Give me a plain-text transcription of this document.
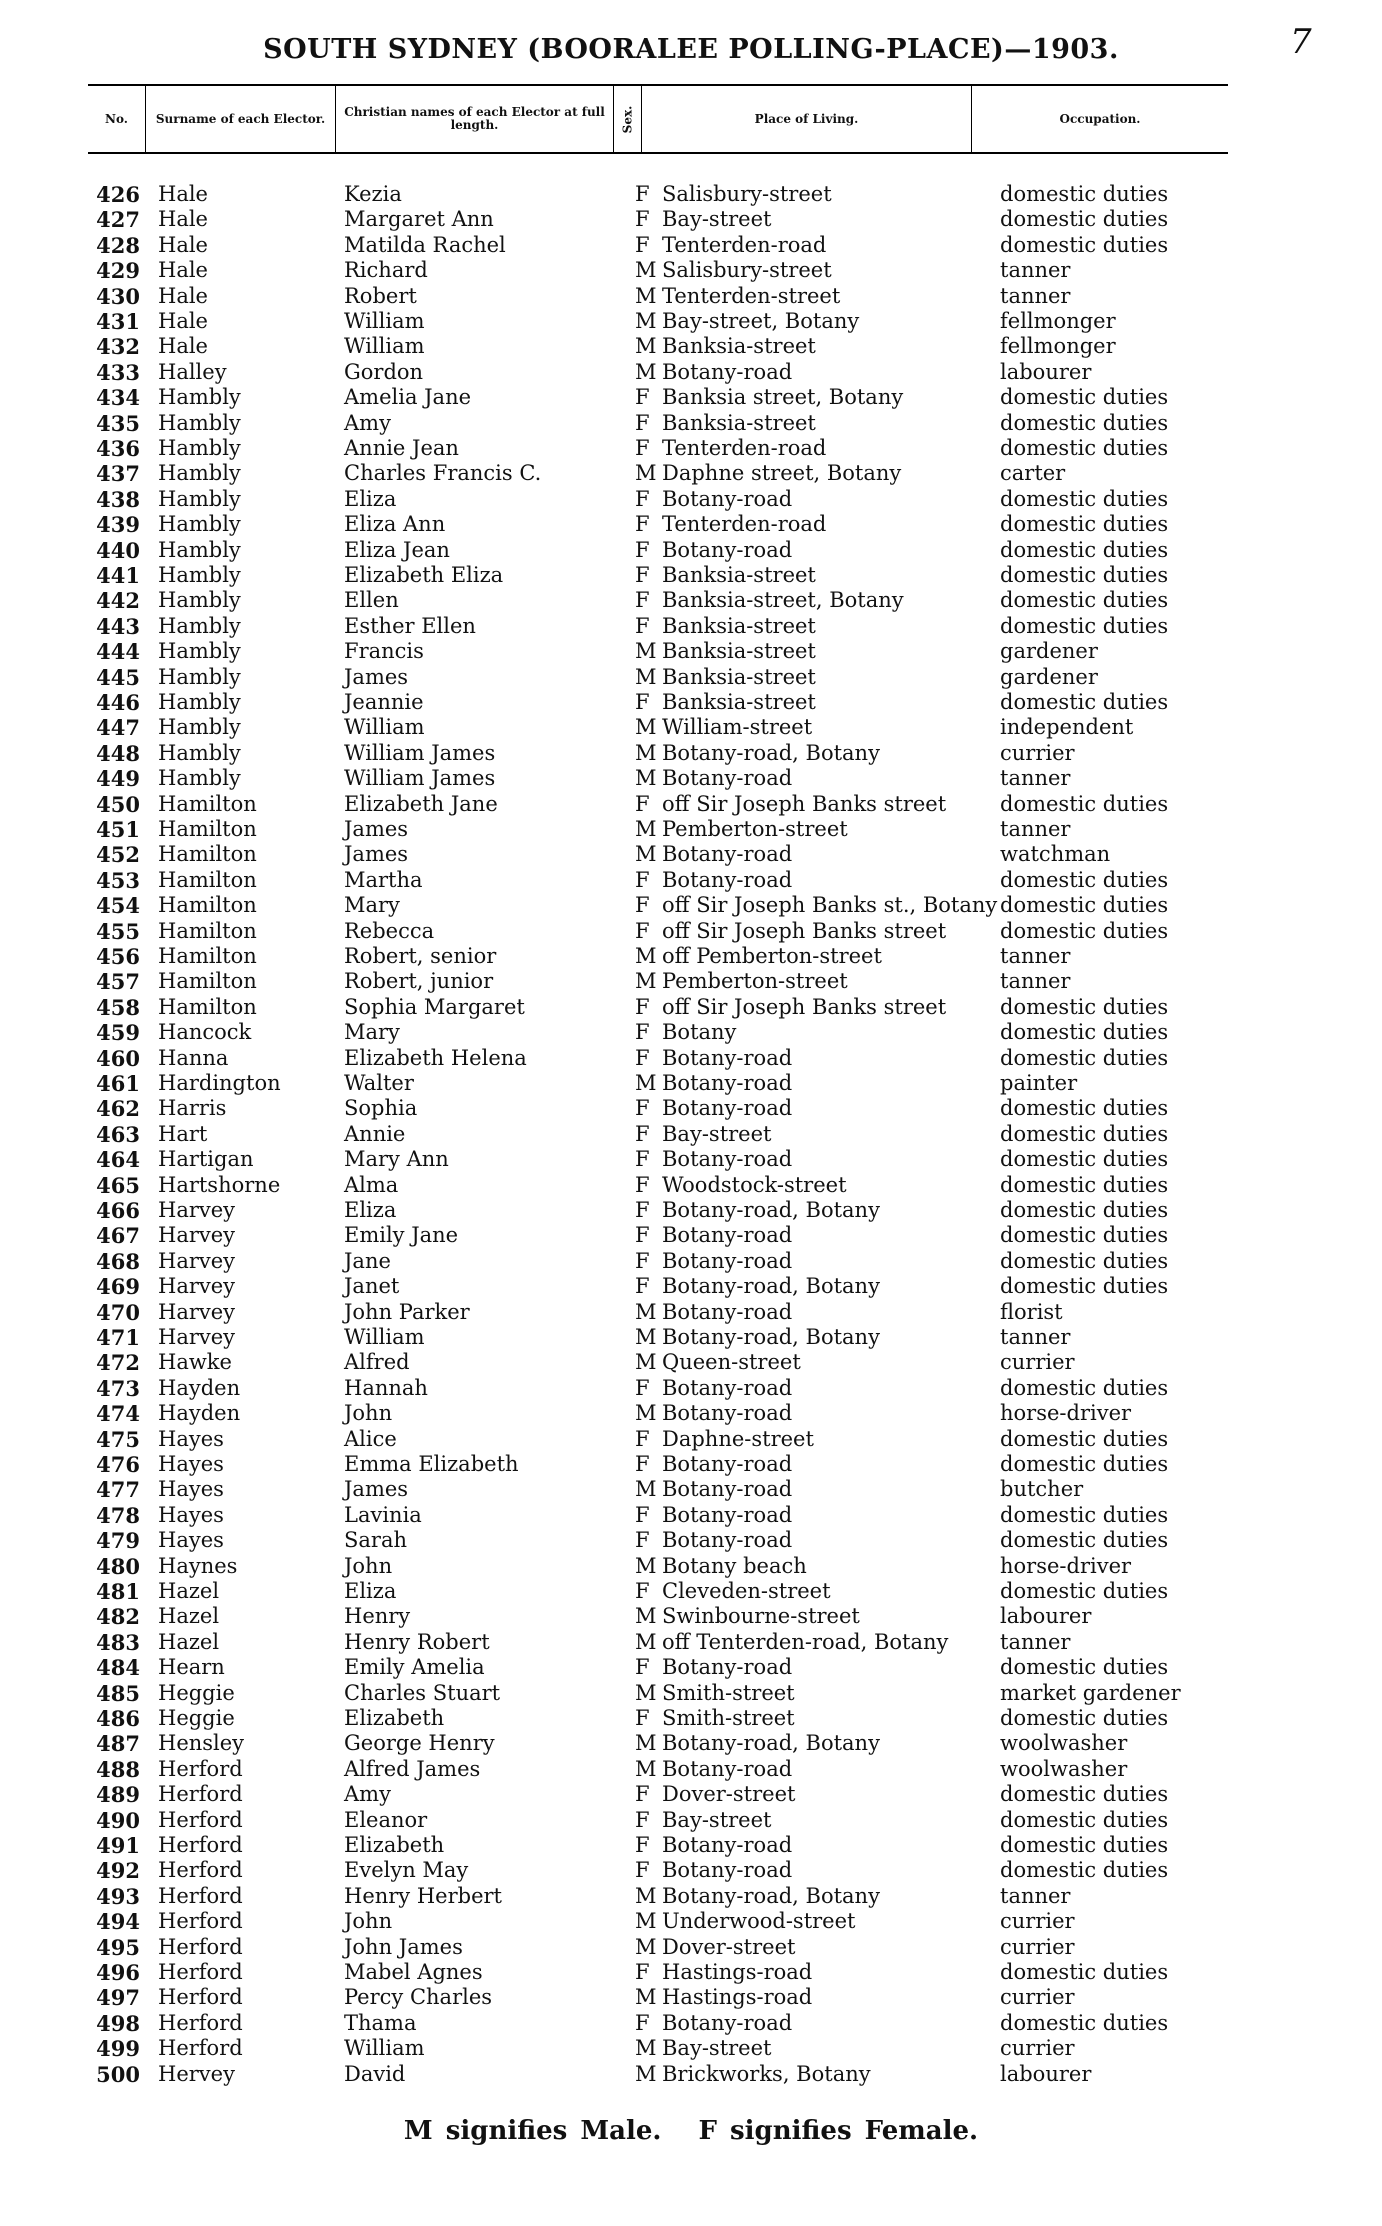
7
SOUTH SYDNEY (BOORALEE POLLING-PLACE)—1903.
No.	Surname of each Elector.	Christian names of each Elector at full length.	Sex.	Place of Living.	Occupation.
426 Hale	Kezia	F Salisbury-street	domestic duties
427 Hale	Margaret Ann	F Bay-street	domestic duties
428 Hale	Matilda Rachel	F Tenterden-road	domestic duties
429 Hale	Richard	M Salisbury-street	tanner
430 Hale	Robert	M Tenterden-street	tanner
431 Hale	William	M Bay-street, Botany	fellmonger
432 Hale	William	M Banksia-street	fellmonger
433 Halley	Gordon	M Botany-road	labourer
434 Hambly	Amelia Jane	F Banksia street, Botany	domestic duties
435 Hambly	Amy	F Banksia-street	domestic duties
436 Hambly	Annie Jean	F Tenterden-road	domestic duties
437 Hambly	Charles Francis C.	M Daphne street, Botany	carter
438 Hambly	Eliza	F Botany-road	domestic duties
439 Hambly	Eliza Ann	F Tenterden-road	domestic duties
440 Hambly	Eliza Jean	F Botany-road	domestic duties
441 Hambly	Elizabeth Eliza	F Banksia-street	domestic duties
442 Hambly	Ellen	F Banksia-street, Botany	domestic duties
443 Hambly	Esther Ellen	F Banksia-street	domestic duties
444 Hambly	Francis	M Banksia-street	gardener
445 Hambly	James	M Banksia-street	gardener
446 Hambly	Jeannie	F Banksia-street	domestic duties
447 Hambly	William	M William-street	independent
448 Hambly	William James	M Botany-road, Botany	currier
449 Hambly	William James	M Botany-road	tanner
450 Hamilton	Elizabeth Jane	F off Sir Joseph Banks street	domestic duties
451 Hamilton	James	M Pemberton-street	tanner
452 Hamilton	James	M Botany-road	watchman
453 Hamilton	Martha	F Botany-road	domestic duties
454 Hamilton	Mary	F off Sir Joseph Banks st., Botany domestic duties
455 Hamilton	Rebecca	F off Sir Joseph Banks street	domestic duties
456 Hamilton	Robert, senior	M off Pemberton-street	tanner
457 Hamilton	Robert, junior	M Pemberton-street	tanner
458 Hamilton	Sophia Margaret	F off Sir Joseph Banks street	domestic duties
459 Hancock	Mary	F Botany	domestic duties
460 Hanna	Elizabeth Helena	F Botany-road	domestic duties
461 Hardington	Walter	M Botany-road	painter
462 Harris	Sophia	F Botany-road	domestic duties
463 Hart	Annie	F Bay-street	domestic duties
464 Hartigan	Mary Ann	F Botany-road	domestic duties
465 Hartshorne	Alma	F Woodstock-street	domestic duties
466 Harvey	Eliza	F Botany-road, Botany	domestic duties
467 Harvey	Emily Jane	F Botany-road	domestic duties
468 Harvey	Jane	F Botany-road	domestic duties
469 Harvey	Janet	F Botany-road, Botany	domestic duties
470 Harvey	John Parker	M Botany-road	florist
471 Harvey	William	M Botany-road, Botany	tanner
472 Hawke	Alfred	M Queen-street	currier
473 Hayden	Hannah	F Botany-road	domestic duties
474 Hayden	John	M Botany-road	horse-driver
475 Hayes	Alice	F Daphne-street	domestic duties
476 Hayes	Emma Elizabeth	F Botany-road	domestic duties
477 Hayes	James	M Botany-road	butcher
478 Hayes	Lavinia	F Botany-road	domestic duties
479 Hayes	Sarah	F Botany-road	domestic duties
480 Haynes	John	M Botany beach	horse-driver
481 Hazel	Eliza	F Cleveden-street	domestic duties
482 Hazel	Henry	M Swinbourne-street	labourer
483 Hazel	Henry Robert	M off Tenterden-road, Botany tanner
484 Hearn	Emily Amelia	F Botany-road	domestic duties
485 Heggie	Charles Stuart	M Smith-street	market gardener
486 Heggie	Elizabeth	F Smith-street	domestic duties
487 Hensley	George Henry	M Botany-road, Botany	woolwasher
488 Herford	Alfred James	M Botany-road	woolwasher
489 Herford	Amy	F Dover-street	domestic duties
490 Herford	Eleanor	F Bay-street	domestic duties
491 Herford	Elizabeth	F Botany-road	domestic duties
492 Herford	Evelyn May	F Botany-road	domestic duties
493 Herford	Henry Herbert	M Botany-road, Botany	tanner
494 Herford	John	M Underwood-street	currier
495 Herford	John James	M Dover-street	currier
496 Herford	Mabel Agnes	F Hastings-road	domestic duties
497 Herford	Percy Charles	M Hastings-road	currier
498 Herford	Thama	F Botany-road	domestic duties
499 Herford	William	M Bay-street	currier
500 Hervey	David	M Brickworks, Botany	labourer
M signifies Male. F signifies Female.
